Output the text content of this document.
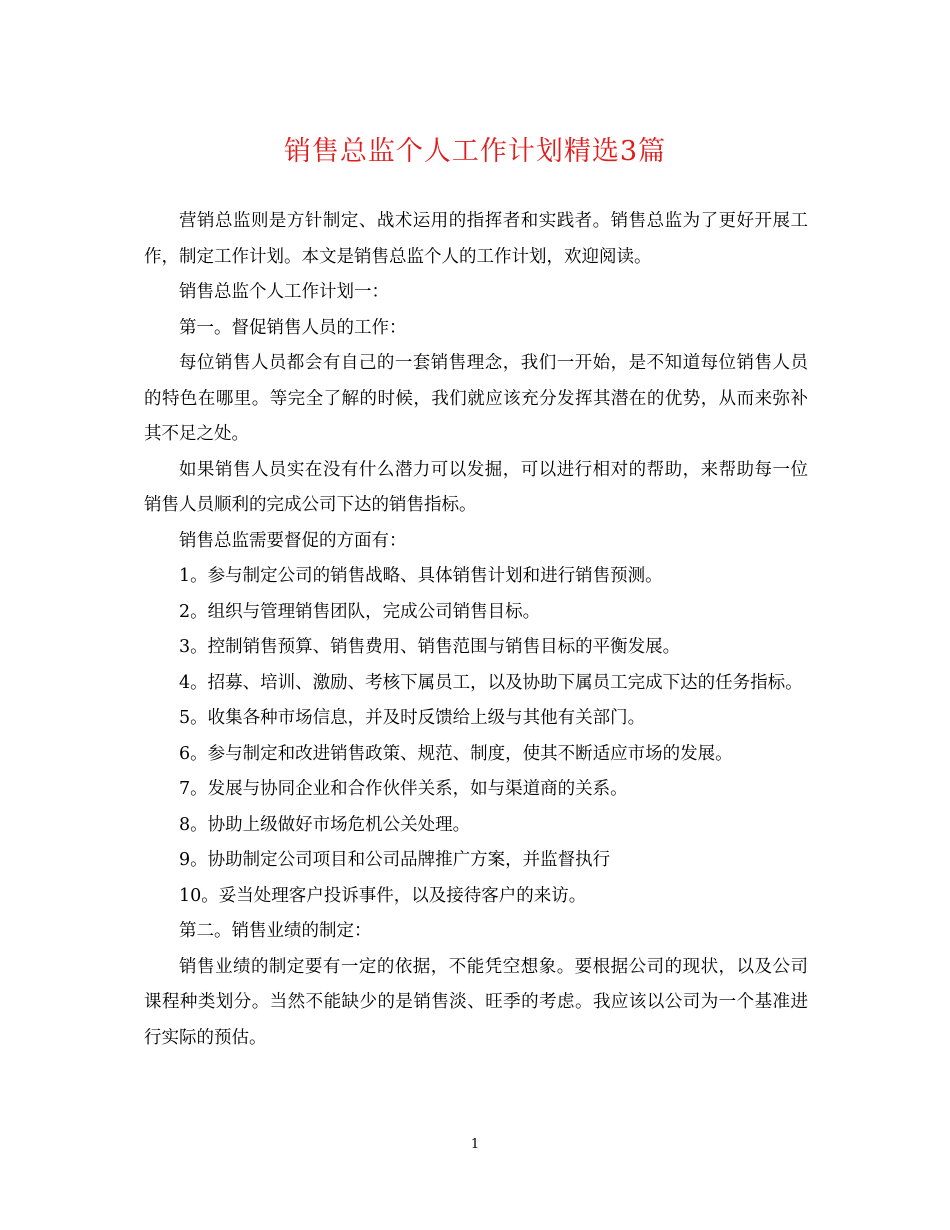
销售总监个人工作计划精选3篇

营销总监则是方针制定、战术运用的指挥者和实践者。销售总监为了更好开展工作，制定工作计划。本文是销售总监个人的工作计划，欢迎阅读。

销售总监个人工作计划一：

第一。督促销售人员的工作：

每位销售人员都会有自己的一套销售理念，我们一开始，是不知道每位销售人员的特色在哪里。等完全了解的时候，我们就应该充分发挥其潜在的优势，从而来弥补其不足之处。

如果销售人员实在没有什么潜力可以发掘，可以进行相对的帮助，来帮助每一位销售人员顺利的完成公司下达的销售指标。

销售总监需要督促的方面有：

1。参与制定公司的销售战略、具体销售计划和进行销售预测。

2。组织与管理销售团队，完成公司销售目标。

3。控制销售预算、销售费用、销售范围与销售目标的平衡发展。

4。招募、培训、激励、考核下属员工，以及协助下属员工完成下达的任务指标。

5。收集各种市场信息，并及时反馈给上级与其他有关部门。

6。参与制定和改进销售政策、规范、制度，使其不断适应市场的发展。

7。发展与协同企业和合作伙伴关系，如与渠道商的关系。

8。协助上级做好市场危机公关处理。

9。协助制定公司项目和公司品牌推广方案，并监督执行

10。妥当处理客户投诉事件，以及接待客户的来访。

第二。销售业绩的制定：

销售业绩的制定要有一定的依据，不能凭空想象。要根据公司的现状，以及公司课程种类划分。当然不能缺少的是销售淡、旺季的考虑。我应该以公司为一个基准进行实际的预估。

1
